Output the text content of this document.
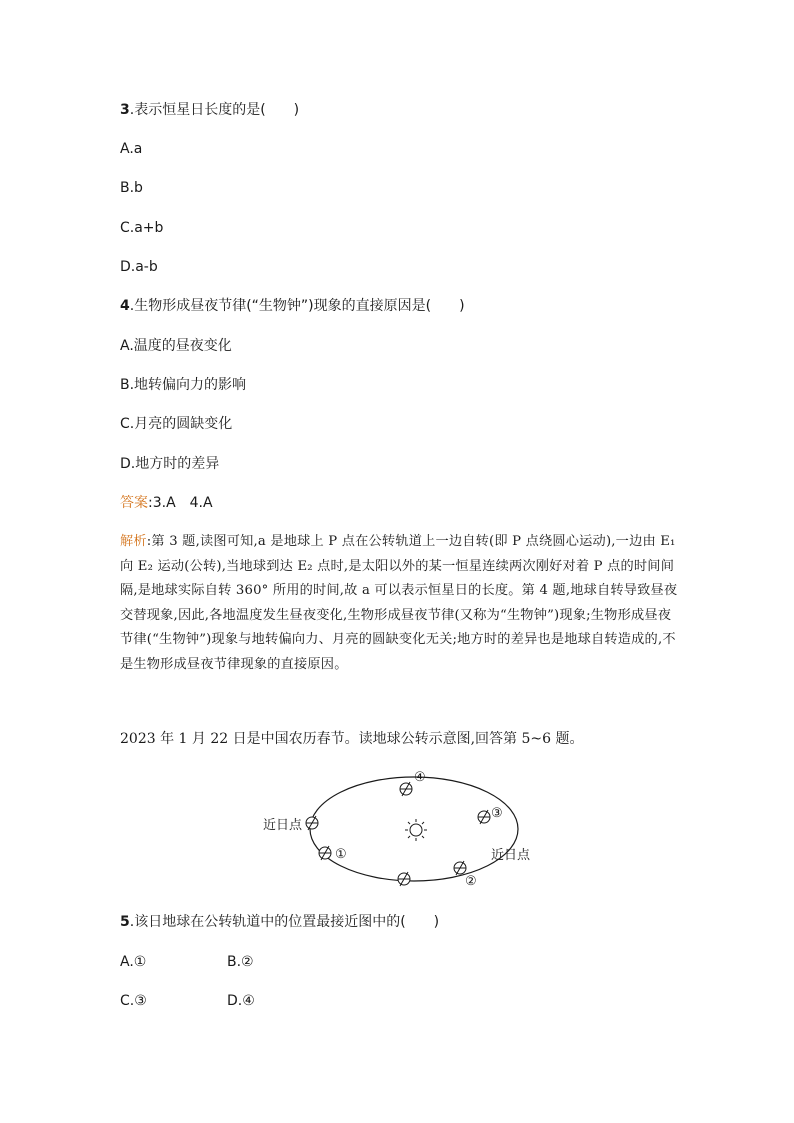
3.表示恒星日长度的是(　　)
A.a
B.b
C.a+b
D.a-b
4.生物形成昼夜节律(“生物钟”)现象的直接原因是(　　)
A.温度的昼夜变化
B.地转偏向力的影响
C.月亮的圆缺变化
D.地方时的差异
答案:3.A　4.A
解析:第 3 题,读图可知,a 是地球上 P 点在公转轨道上一边自转(即 P 点绕圆心运动),一边由 E₁ 向 E₂ 运动(公转),当地球到达 E₂ 点时,是太阳以外的某一恒星连续两次刚好对着 P 点的时间间隔,是地球实际自转 360° 所用的时间,故 a 可以表示恒星日的长度。第 4 题,地球自转导致昼夜交替现象,因此,各地温度发生昼夜变化,生物形成昼夜节律(又称为“生物钟”)现象;生物形成昼夜节律(“生物钟”)现象与地转偏向力、月亮的圆缺变化无关;地方时的差异也是地球自转造成的,不是生物形成昼夜节律现象的直接原因。
2023 年 1 月 22 日是中国农历春节。读地球公转示意图,回答第 5~6 题。
近日点
近日点
①
②
③
④
5.该日地球在公转轨道中的位置最接近图中的(　　)
A.①	B.②
C.③	D.④
